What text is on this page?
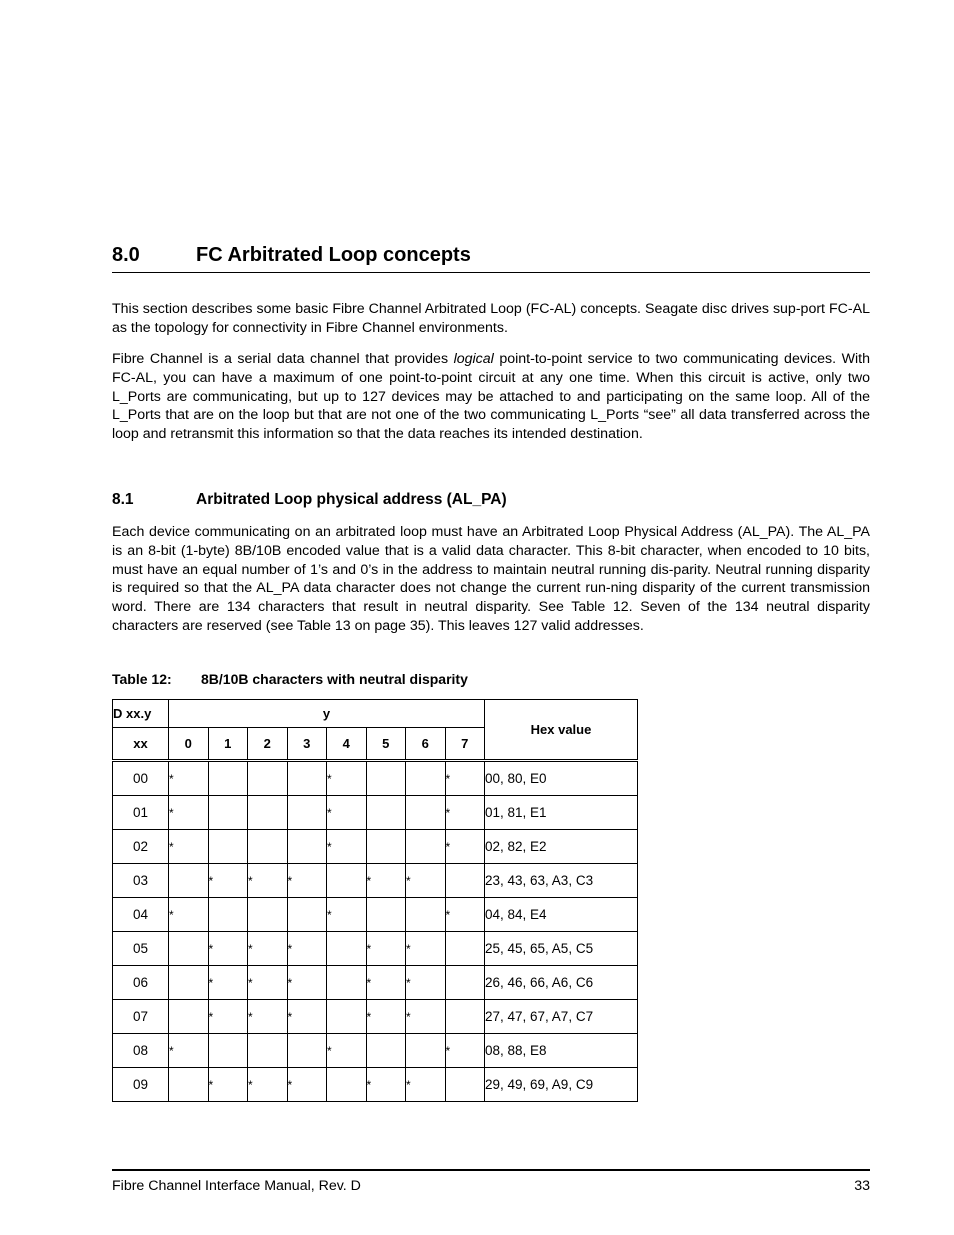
8.0	FC Arbitrated Loop concepts

This section describes some basic Fibre Channel Arbitrated Loop (FC-AL) concepts. Seagate disc drives sup-port FC-AL as the topology for connectivity in Fibre Channel environments.

Fibre Channel is a serial data channel that provides logical point-to-point service to two communicating devices. With FC-AL, you can have a maximum of one point-to-point circuit at any one time. When this circuit is active, only two L_Ports are communicating, but up to 127 devices may be attached to and participating on the same loop. All of the L_Ports that are on the loop but that are not one of the two communicating L_Ports “see” all data transferred across the loop and retransmit this information so that the data reaches its intended destination.

8.1	Arbitrated Loop physical address (AL_PA)

Each device communicating on an arbitrated loop must have an Arbitrated Loop Physical Address (AL_PA). The AL_PA is an 8-bit (1-byte) 8B/10B encoded value that is a valid data character. This 8-bit character, when encoded to 10 bits, must have an equal number of 1’s and 0’s in the address to maintain neutral running dis-parity. Neutral running disparity is required so that the AL_PA data character does not change the current run-ning disparity of the current transmission word. There are 134 characters that result in neutral disparity. See Table 12. Seven of the 134 neutral disparity characters are reserved (see Table 13 on page 35). This leaves 127 valid addresses.

Table 12: 8B/10B characters with neutral disparity
D xx.y	y								Hex value
xx	0	1	2	3	4	5	6	7	
00	*				*			*	00, 80, E0
01	*				*			*	01, 81, E1
02	*				*			*	02, 82, E2
03		*	*	*		*	*		23, 43, 63, A3, C3
04	*				*			*	04, 84, E4
05		*	*	*		*	*		25, 45, 65, A5, C5
06		*	*	*		*	*		26, 46, 66, A6, C6
07		*	*	*		*	*		27, 47, 67, A7, C7
08	*				*			*	08, 88, E8
09		*	*	*		*	*		29, 49, 69, A9, C9
Fibre Channel Interface Manual, Rev. D	33
